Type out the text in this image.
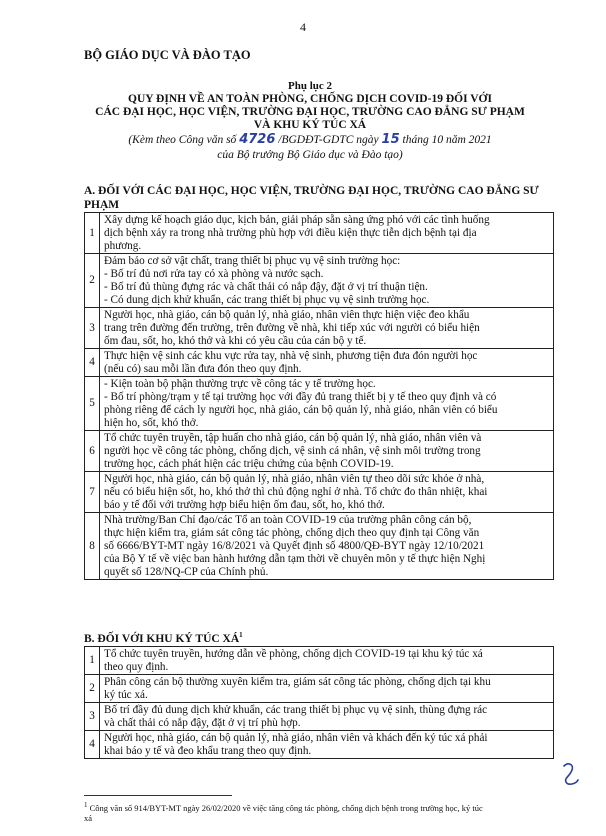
4
BỘ GIÁO DỤC VÀ ĐÀO TẠO
Phụ lục 2
QUY ĐỊNH VỀ AN TOÀN PHÒNG, CHỐNG DỊCH COVID-19 ĐỐI VỚI
CÁC ĐẠI HỌC, HỌC VIỆN, TRƯỜNG ĐẠI HỌC, TRƯỜNG CAO ĐẲNG SƯ PHẠM
VÀ KHU KÝ TÚC XÁ
(Kèm theo Công văn số 4726 /BGDĐT-GDTC ngày 15 tháng 10 năm 2021
của Bộ trưởng Bộ Giáo dục và Đào tạo)
A. ĐỐI VỚI CÁC ĐẠI HỌC, HỌC VIỆN, TRƯỜNG ĐẠI HỌC, TRƯỜNG CAO ĐẲNG SƯ PHẠM
1	Xây dựng kế hoạch giáo dục, kịch bản, giải pháp sẵn sàng ứng phó với các tình huống
dịch bệnh xảy ra trong nhà trường phù hợp với điều kiện thực tiễn dịch bệnh tại địa
phương.

2	Đảm bảo cơ sở vật chất, trang thiết bị phục vụ vệ sinh trường học:
- Bố trí đủ nơi rửa tay có xà phòng và nước sạch.
- Bố trí đủ thùng đựng rác và chất thải có nắp đậy, đặt ở vị trí thuận tiện.
- Có dung dịch khử khuẩn, các trang thiết bị phục vụ vệ sinh trường học.

3	Người học, nhà giáo, cán bộ quản lý, nhà giáo, nhân viên thực hiện việc đeo khẩu
trang trên đường đến trường, trên đường về nhà, khi tiếp xúc với người có biểu hiện
ốm đau, sốt, ho, khó thở và khi có yêu cầu của cán bộ y tế.

4	Thực hiện vệ sinh các khu vực rửa tay, nhà vệ sinh, phương tiện đưa đón người học
(nếu có) sau mỗi lần đưa đón theo quy định.

5	- Kiện toàn bộ phận thường trực về công tác y tế trường học.
- Bố trí phòng/trạm y tế tại trường học với đầy đủ trang thiết bị y tế theo quy định và có
phòng riêng để cách ly người học, nhà giáo, cán bộ quản lý, nhà giáo, nhân viên có biểu
hiện ho, sốt, khó thở.

6	Tổ chức tuyên truyền, tập huấn cho nhà giáo, cán bộ quản lý, nhà giáo, nhân viên và
người học về công tác phòng, chống dịch, vệ sinh cá nhân, vệ sinh môi trường trong
trường học, cách phát hiện các triệu chứng của bệnh COVID-19.

7	Người học, nhà giáo, cán bộ quản lý, nhà giáo, nhân viên tự theo dõi sức khỏe ở nhà,
nếu có biểu hiện sốt, ho, khó thở thì chủ động nghỉ ở nhà. Tổ chức đo thân nhiệt, khai
báo y tế đối với trường hợp biểu hiện ốm đau, sốt, ho, khó thở.

8	Nhà trường/Ban Chỉ đạo/các Tổ an toàn COVID-19 của trường phân công cán bộ,
thực hiện kiểm tra, giám sát công tác phòng, chống dịch theo quy định tại Công văn
số 6666/BYT-MT ngày 16/8/2021 và Quyết định số 4800/QĐ-BYT ngày 12/10/2021
của Bộ Y tế về việc ban hành hướng dẫn tạm thời về chuyên môn y tế thực hiện Nghị
quyết số 128/NQ-CP của Chính phủ.
B. ĐỐI VỚI KHU KÝ TÚC $XÁ^1$
1	Tổ chức tuyên truyền, hướng dẫn về phòng, chống dịch COVID-19 tại khu ký túc xá
theo quy định.

2	Phân công cán bộ thường xuyên kiểm tra, giám sát công tác phòng, chống dịch tại khu
ký túc xá.

3	Bố trí đầy đủ dung dịch khử khuẩn, các trang thiết bị phục vụ vệ sinh, thùng đựng rác
và chất thải có nắp đậy, đặt ở vị trí phù hợp.

4	Người học, nhà giáo, cán bộ quản lý, nhà giáo, nhân viên và khách đến ký túc xá phải
khai báo y tế và đeo khẩu trang theo quy định.
$^1$ Công văn số 914/BYT-MT ngày 26/02/2020 về việc tăng công tác phòng, chống dịch bệnh trong trường học, ký túc
xá
